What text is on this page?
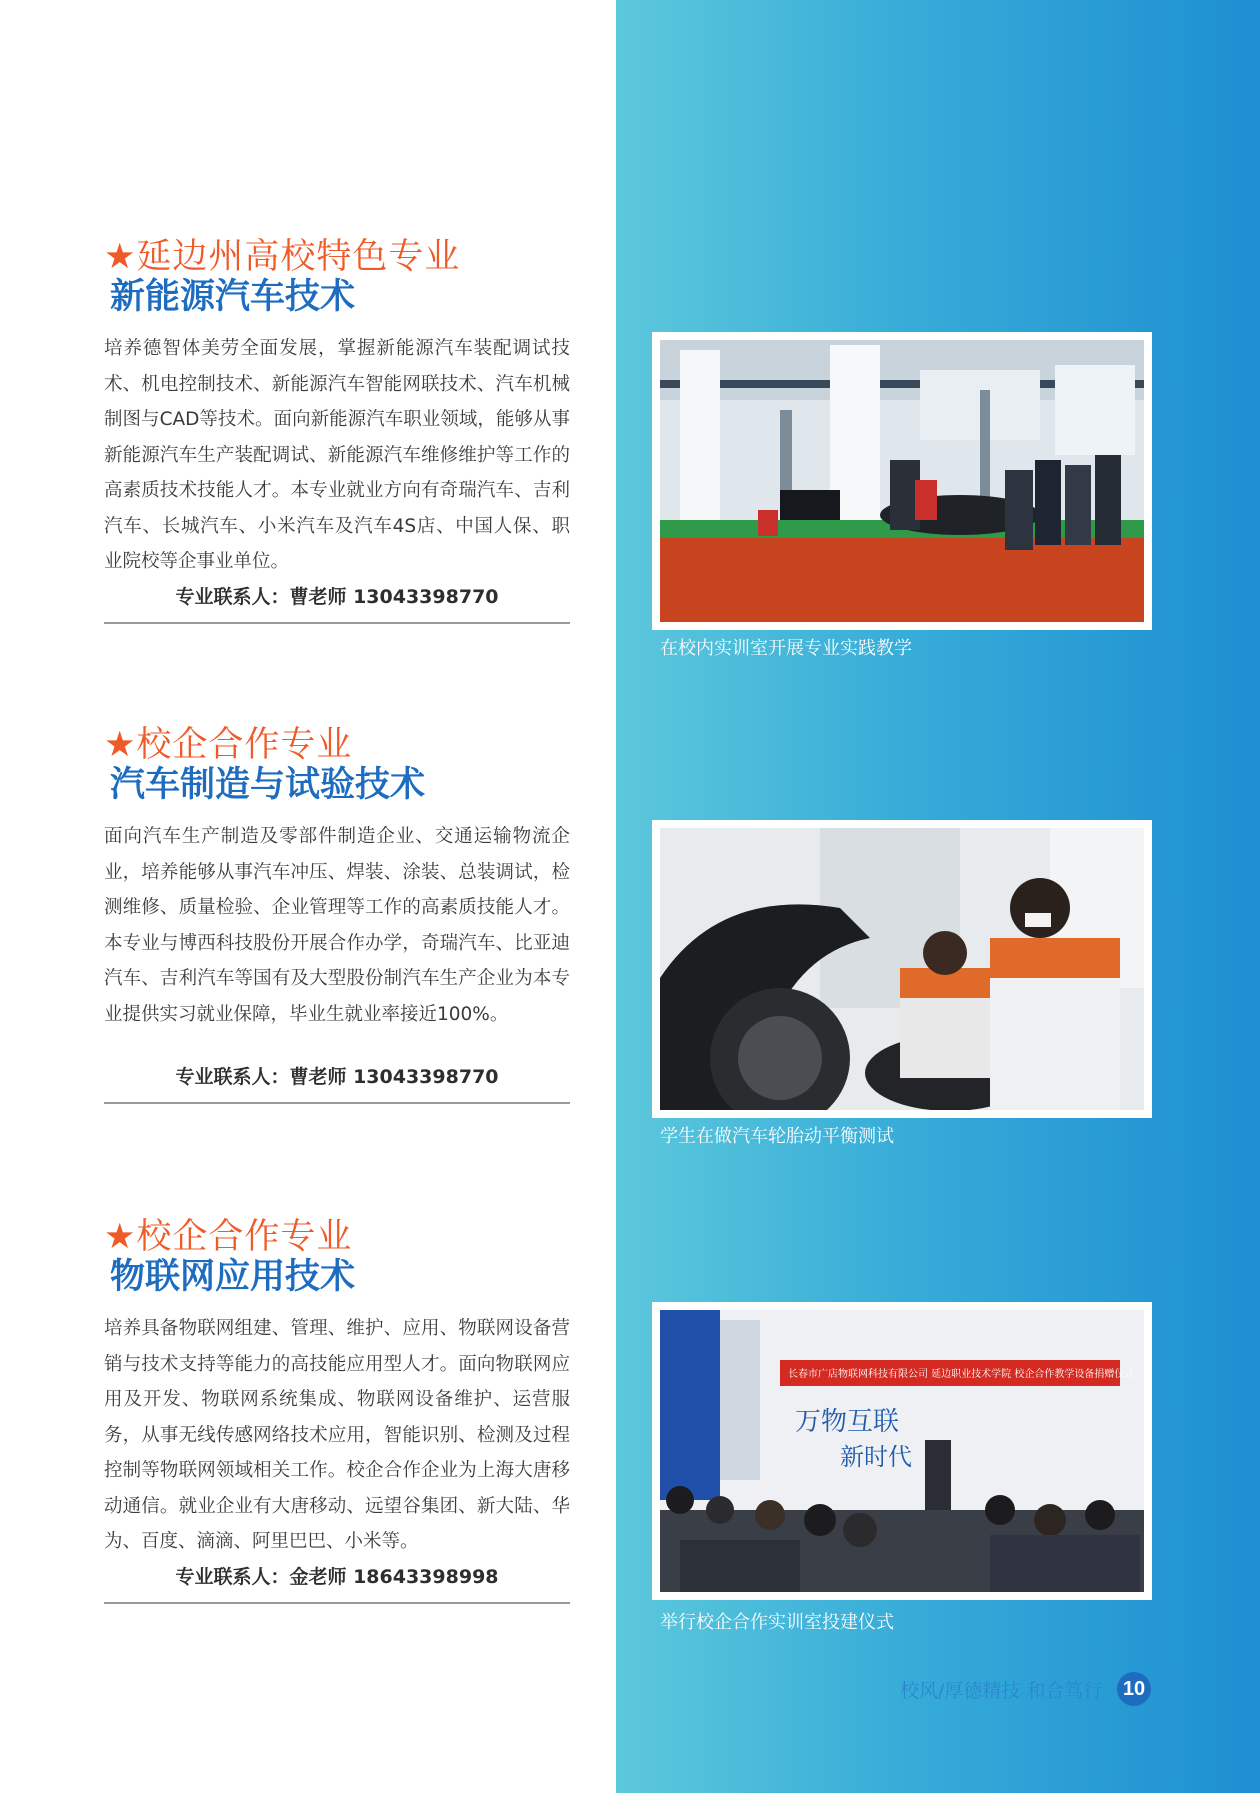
★延边州高校特色专业
新能源汽车技术
培养德智体美劳全面发展，掌握新能源汽车装配调试技术、机电控制技术、新能源汽车智能网联技术、汽车机械制图与CAD等技术。面向新能源汽车职业领域，能够从事新能源汽车生产装配调试、新能源汽车维修维护等工作的高素质技术技能人才。本专业就业方向有奇瑞汽车、吉利汽车、长城汽车、小米汽车及汽车4S店、中国人保、职业院校等企事业单位。
专业联系人：曹老师 13043398770
★校企合作专业
汽车制造与试验技术
面向汽车生产制造及零部件制造企业、交通运输物流企业，培养能够从事汽车冲压、焊装、涂装、总装调试，检测维修、质量检验、企业管理等工作的高素质技能人才。本专业与博西科技股份开展合作办学，奇瑞汽车、比亚迪汽车、吉利汽车等国有及大型股份制汽车生产企业为本专业提供实习就业保障，毕业生就业率接近100%。
专业联系人：曹老师 13043398770
★校企合作专业
物联网应用技术
培养具备物联网组建、管理、维护、应用、物联网设备营销与技术支持等能力的高技能应用型人才。面向物联网应用及开发、物联网系统集成、物联网设备维护、运营服务，从事无线传感网络技术应用，智能识别、检测及过程控制等物联网领域相关工作。校企合作企业为上海大唐移动通信。就业企业有大唐移动、远望谷集团、新大陆、华为、百度、滴滴、阿里巴巴、小米等。
专业联系人：金老师 18643398998
在校内实训室开展专业实践教学
学生在做汽车轮胎动平衡测试
长春市广店物联网科技有限公司 延边职业技术学院 校企合作教学设备捐赠仪式
万物互联
新时代
举行校企合作实训室投建仪式
校风/厚德精技 和合笃行 10
